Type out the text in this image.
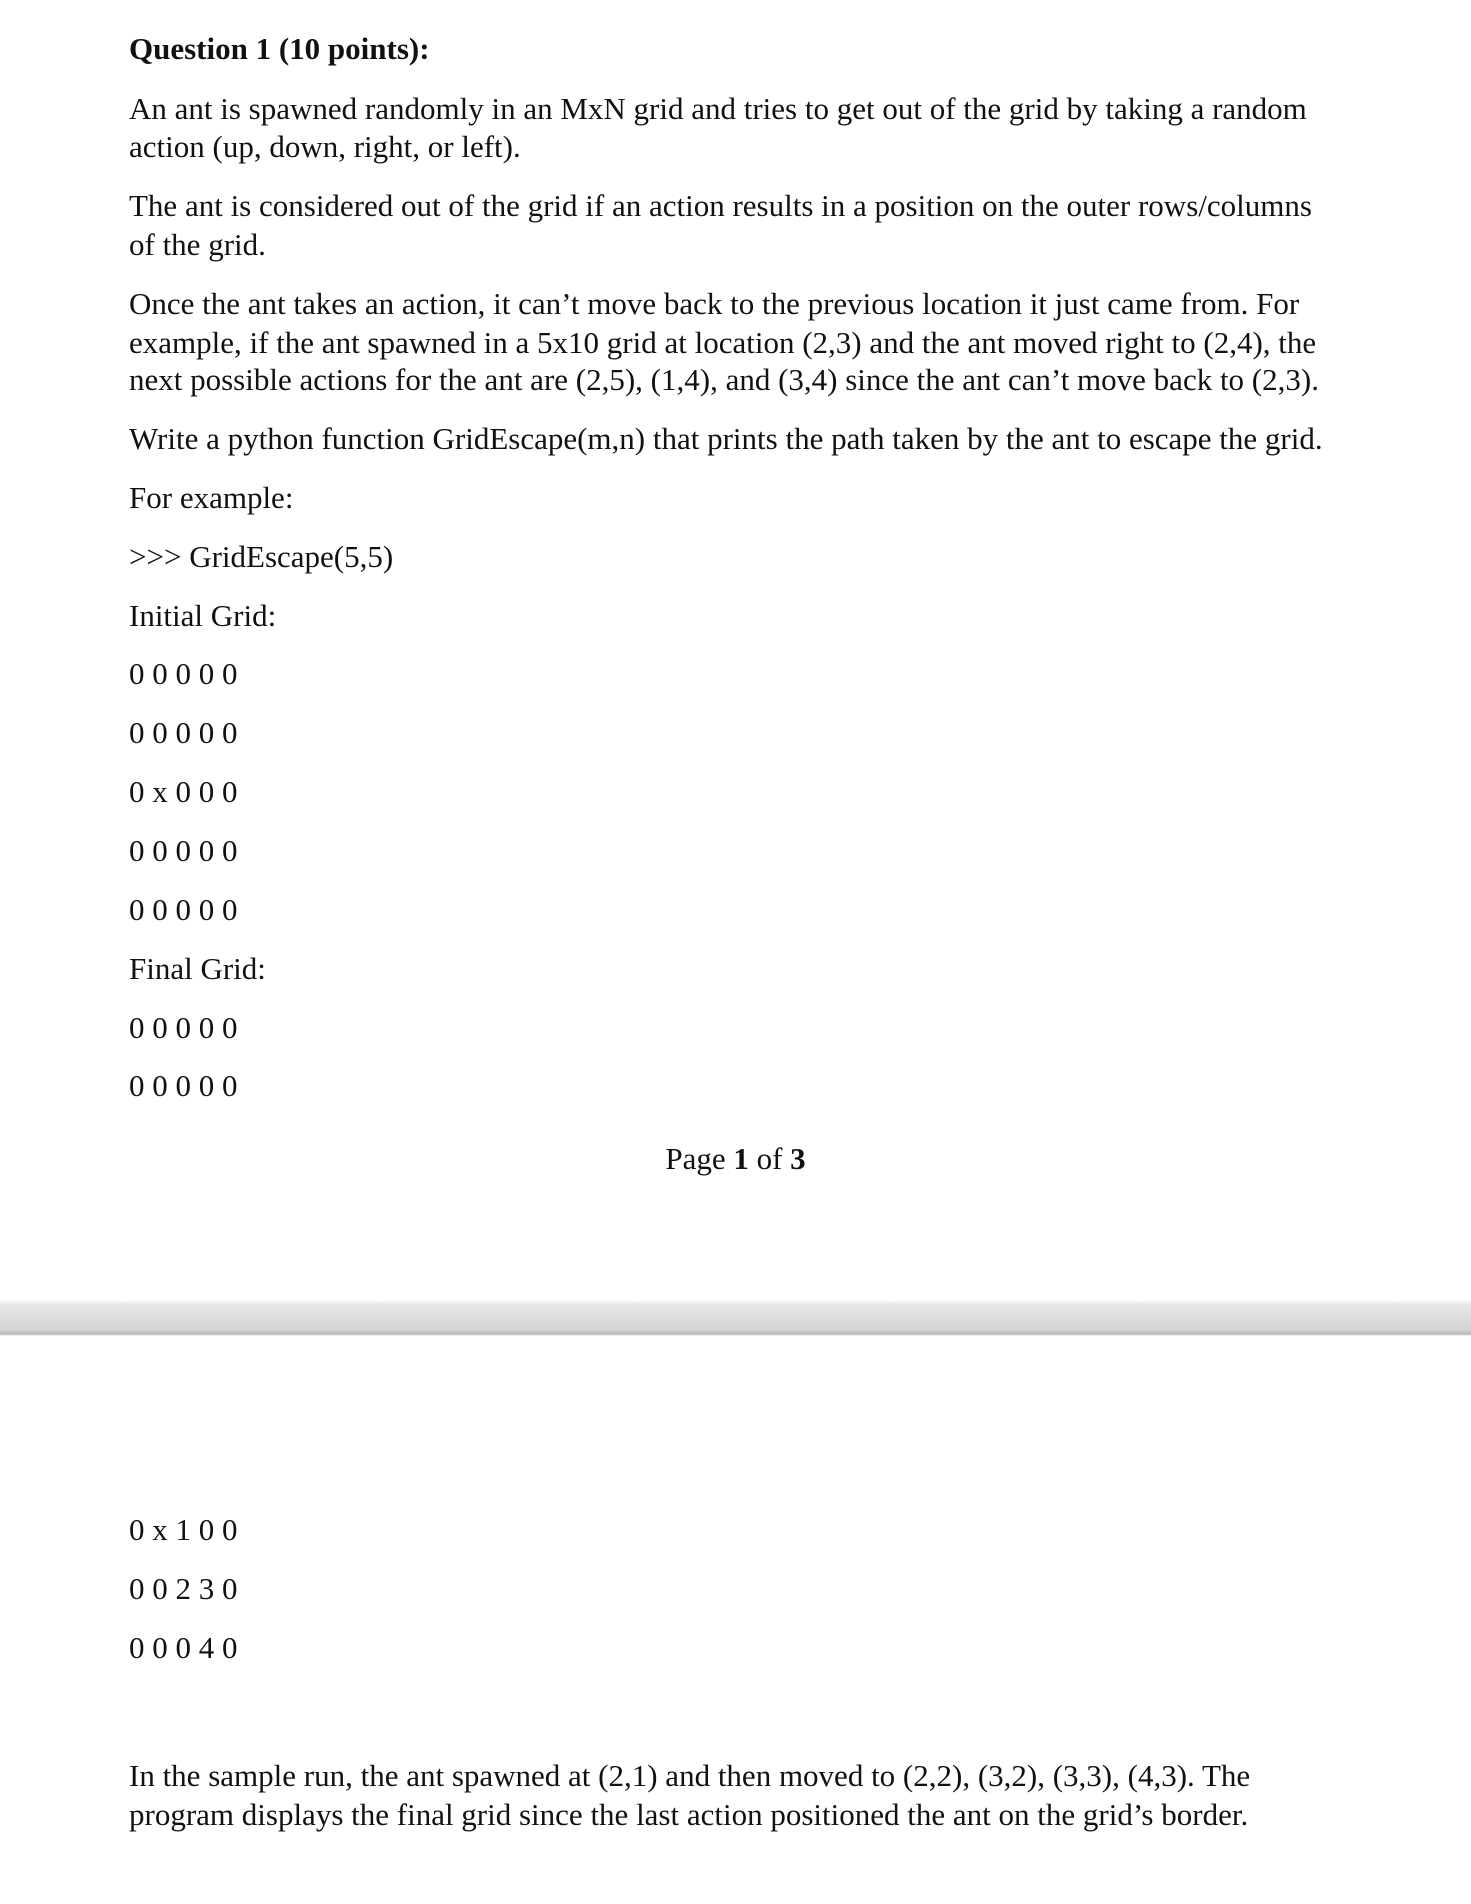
Question 1 (10 points):

An ant is spawned randomly in an MxN grid and tries to get out of the grid by taking a random

action (up, down, right, or left).

The ant is considered out of the grid if an action results in a position on the outer rows/columns

of the grid.

Once the ant takes an action, it can’t move back to the previous location it just came from. For

example, if the ant spawned in a 5x10 grid at location (2,3) and the ant moved right to (2,4), the

next possible actions for the ant are (2,5), (1,4), and (3,4) since the ant can’t move back to (2,3).

Write a python function GridEscape(m,n) that prints the path taken by the ant to escape the grid.

For example:

>>> GridEscape(5,5)

Initial Grid:

0 0 0 0 0

0 0 0 0 0

0 x 0 0 0

0 0 0 0 0

0 0 0 0 0

Final Grid:

0 0 0 0 0

0 0 0 0 0

Page 1 of 3

0 x 1 0 0

0 0 2 3 0

0 0 0 4 0

In the sample run, the ant spawned at (2,1) and then moved to (2,2), (3,2), (3,3), (4,3). The

program displays the final grid since the last action positioned the ant on the grid’s border.
